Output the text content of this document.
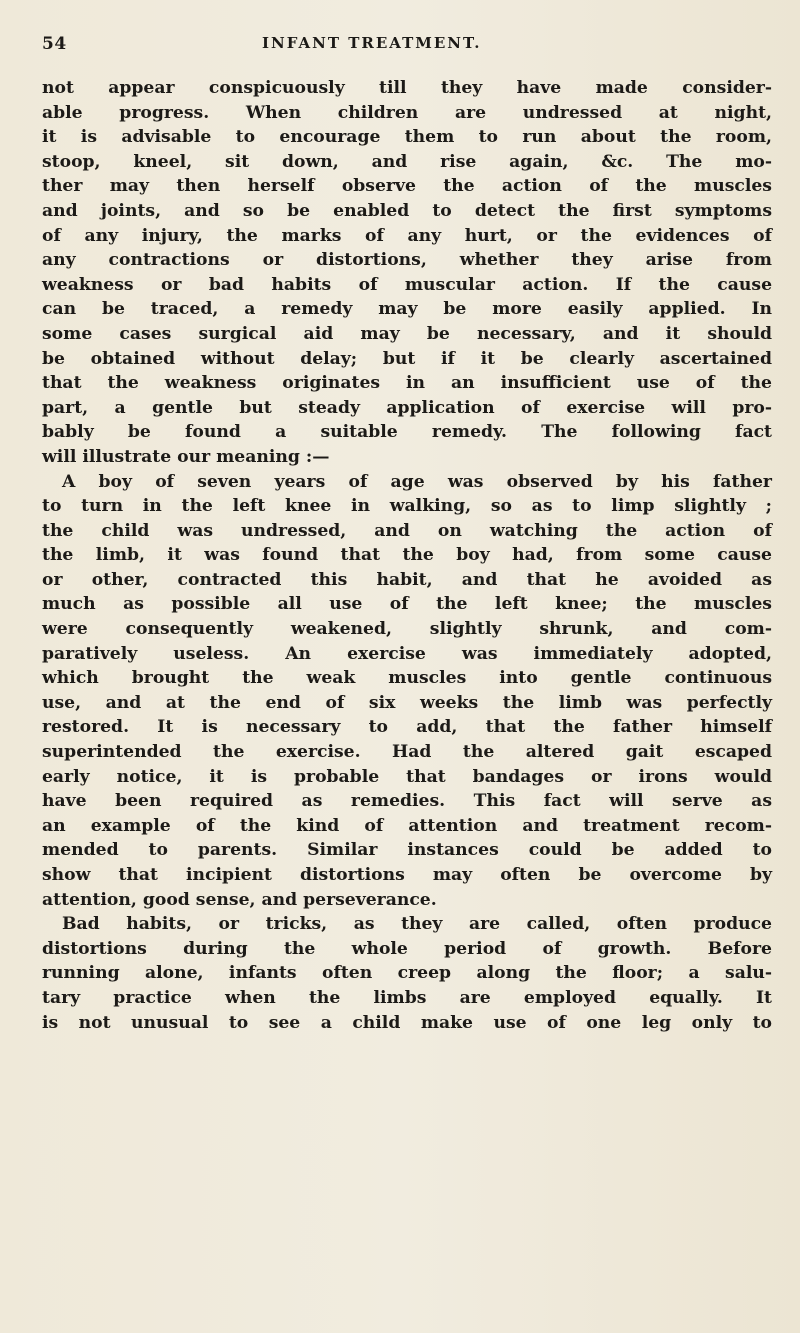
54	INFANT TREATMENT.
not appear conspicuously till they have made consider-
able progress. When children are undressed at night,
it is advisable to encourage them to run about the room,
stoop, kneel, sit down, and rise again, &c. The mo-
ther may then herself observe the action of the muscles
and joints, and so be enabled to detect the first symptoms
of any injury, the marks of any hurt, or the evidences of
any contractions or distortions, whether they arise from
weakness or bad habits of muscular action. If the cause
can be traced, a remedy may be more easily applied. In
some cases surgical aid may be necessary, and it should
be obtained without delay; but if it be clearly ascertained
that the weakness originates in an insufficient use of the
part, a gentle but steady application of exercise will pro-
bably be found a suitable remedy. The following fact
will illustrate our meaning :—
A boy of seven years of age was observed by his father
to turn in the left knee in walking, so as to limp slightly ;
the child was undressed, and on watching the action of
the limb, it was found that the boy had, from some cause
or other, contracted this habit, and that he avoided as
much as possible all use of the left knee; the muscles
were consequently weakened, slightly shrunk, and com-
paratively useless. An exercise was immediately adopted,
which brought the weak muscles into gentle continuous
use, and at the end of six weeks the limb was perfectly
restored. It is necessary to add, that the father himself
superintended the exercise. Had the altered gait escaped
early notice, it is probable that bandages or irons would
have been required as remedies. This fact will serve as
an example of the kind of attention and treatment recom-
mended to parents. Similar instances could be added to
show that incipient distortions may often be overcome by
attention, good sense, and perseverance.
Bad habits, or tricks, as they are called, often produce
distortions during the whole period of growth. Before
running alone, infants often creep along the floor; a salu-
tary practice when the limbs are employed equally. It
is not unusual to see a child make use of one leg only to
